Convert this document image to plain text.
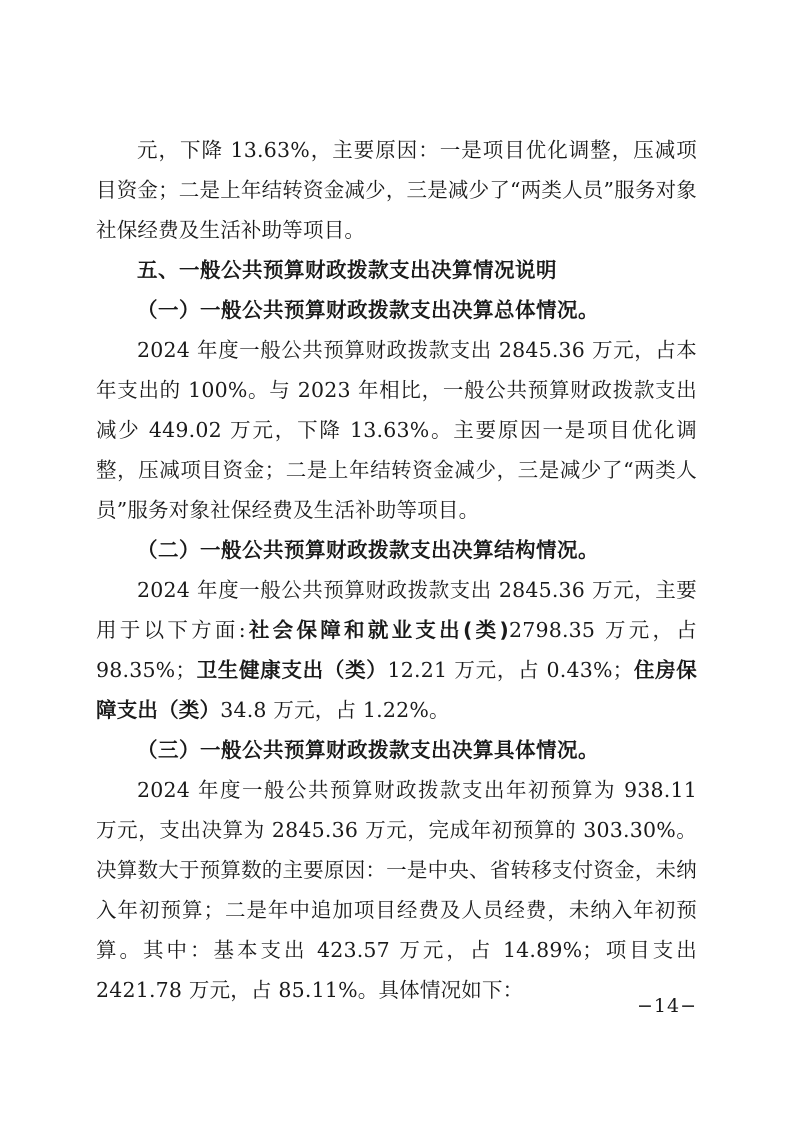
元，下降 13.63%，主要原因：一是项目优化调整，压减项目资金；二是上年结转资金减少，三是减少了“两类人员”服务对象社保经费及生活补助等项目。

五、一般公共预算财政拨款支出决算情况说明

（一）一般公共预算财政拨款支出决算总体情况。

2024 年度一般公共预算财政拨款支出 2845.36 万元，占本年支出的 100%。与 2023 年相比，一般公共预算财政拨款支出减少 449.02 万元，下降 13.63%。主要原因一是项目优化调整，压减项目资金；二是上年结转资金减少，三是减少了“两类人员”服务对象社保经费及生活补助等项目。

（二）一般公共预算财政拨款支出决算结构情况。

2024 年度一般公共预算财政拨款支出 2845.36 万元，主要用于以下方面:社会保障和就业支出(类)2798.35 万元，占 98.35%；卫生健康支出（类）12.21 万元，占 0.43%；住房保障支出（类）34.8 万元，占 1.22%。

（三）一般公共预算财政拨款支出决算具体情况。

2024 年度一般公共预算财政拨款支出年初预算为 938.11 万元，支出决算为 2845.36 万元，完成年初预算的 303.30%。决算数大于预算数的主要原因：一是中央、省转移支付资金，未纳入年初预算；二是年中追加项目经费及人员经费，未纳入年初预算。其中：基本支出 423.57 万元，占 14.89%；项目支出 2421.78 万元，占 85.11%。具体情况如下：

−14−
